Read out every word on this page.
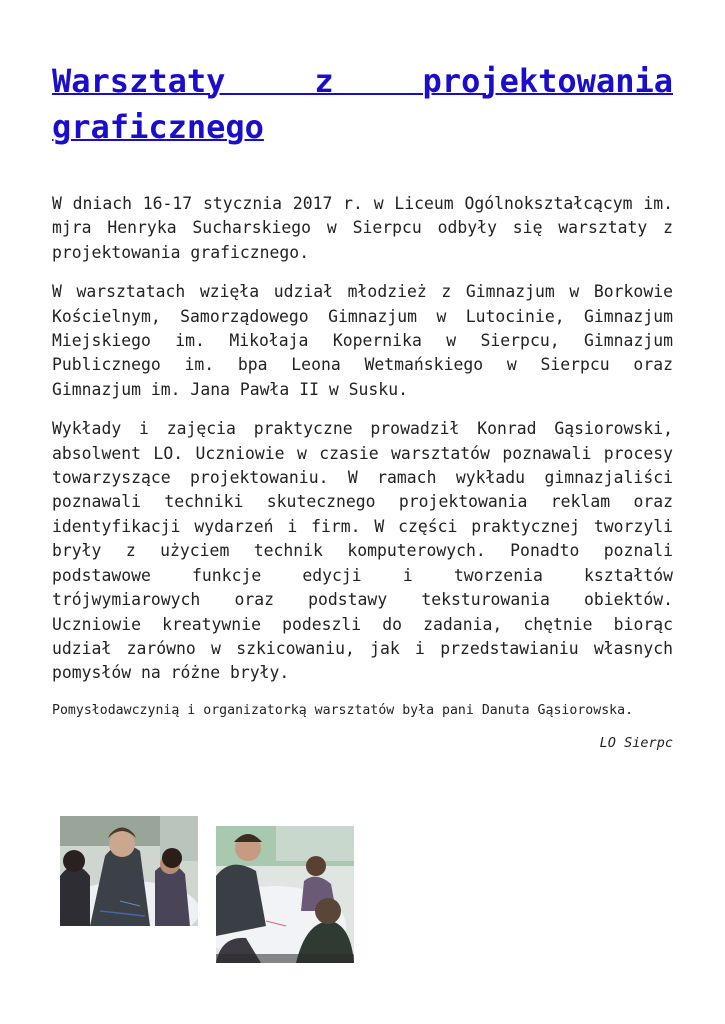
Warsztaty z projektowania graficznego

W dniach 16-17 stycznia 2017 r. w Liceum Ogólnokształcącym im. mjra Henryka Sucharskiego w Sierpcu odbyły się warsztaty z projektowania graficznego.

W warsztatach wzięła udział młodzież z Gimnazjum w Borkowie Kościelnym, Samorządowego Gimnazjum w Lutocinie, Gimnazjum Miejskiego im. Mikołaja Kopernika w Sierpcu, Gimnazjum Publicznego im. bpa Leona Wetmańskiego w Sierpcu oraz Gimnazjum im. Jana Pawła II w Susku.

Wykłady i zajęcia praktyczne prowadził Konrad Gąsiorowski, absolwent LO. Uczniowie w czasie warsztatów poznawali procesy towarzyszące projektowaniu. W ramach wykładu gimnazjaliści poznawali techniki skutecznego projektowania reklam oraz identyfikacji wydarzeń i firm. W części praktycznej tworzyli bryły z użyciem technik komputerowych. Ponadto poznali podstawowe funkcje edycji i tworzenia kształtów trójwymiarowych oraz podstawy teksturowania obiektów. Uczniowie kreatywnie podeszli do zadania, chętnie biorąc udział zarówno w szkicowaniu, jak i przedstawianiu własnych pomysłów na różne bryły.

Pomysłodawczynią i organizatorką warsztatów była pani Danuta Gąsiorowska.

LO Sierpc
